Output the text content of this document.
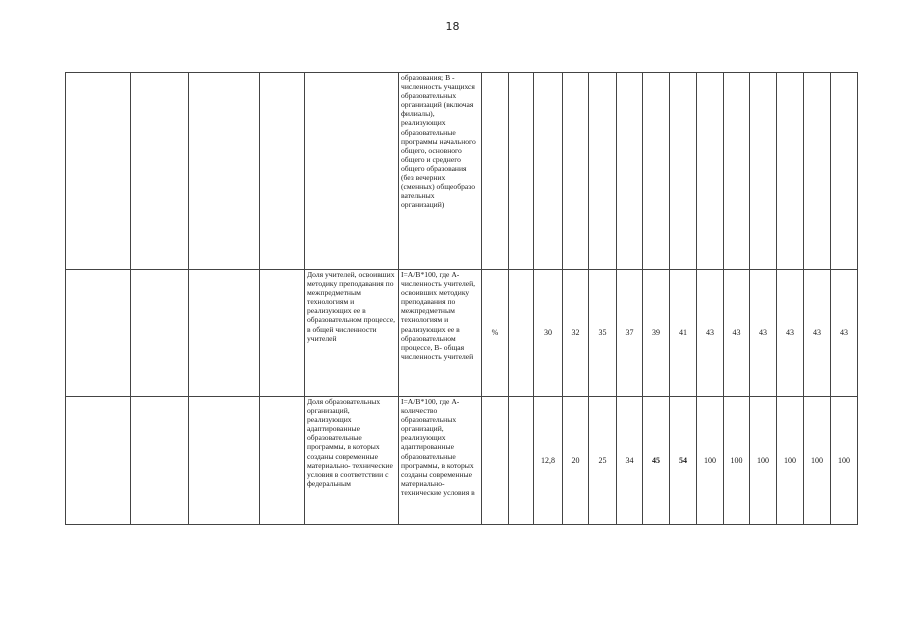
18
					образования; В - численность учащихся образовательных организаций (включая филиалы), реализующих образовательные программы начального общего, основного общего и среднего общего образования (без вечерних (сменных) общеобразо вательных организаций)														
				Доля учителей, освоивших методику преподавания по межпредметным технологиям и реализующих ее в образовательном процессе, в общей численности учителей	I=А/В*100, где А- численность учителей, освоивших методику преподавания по межпредметным технологиям и реализующих ее в образовательном процессе, В- общая численность учителей	%		30	32	35	37	39	41	43	43	43	43	43	43
				Доля образовательных организаций, реализующих адаптированные образовательные программы, в которых созданы современные материально- технические условия в соответствии с федеральным	I=А/В*100, где А- количество образовательных организаций, реализующих адаптированные образовательные программы, в которых созданы современные материально- технические условия в			12,8	20	25	34	45	54	100	100	100	100	100	100
